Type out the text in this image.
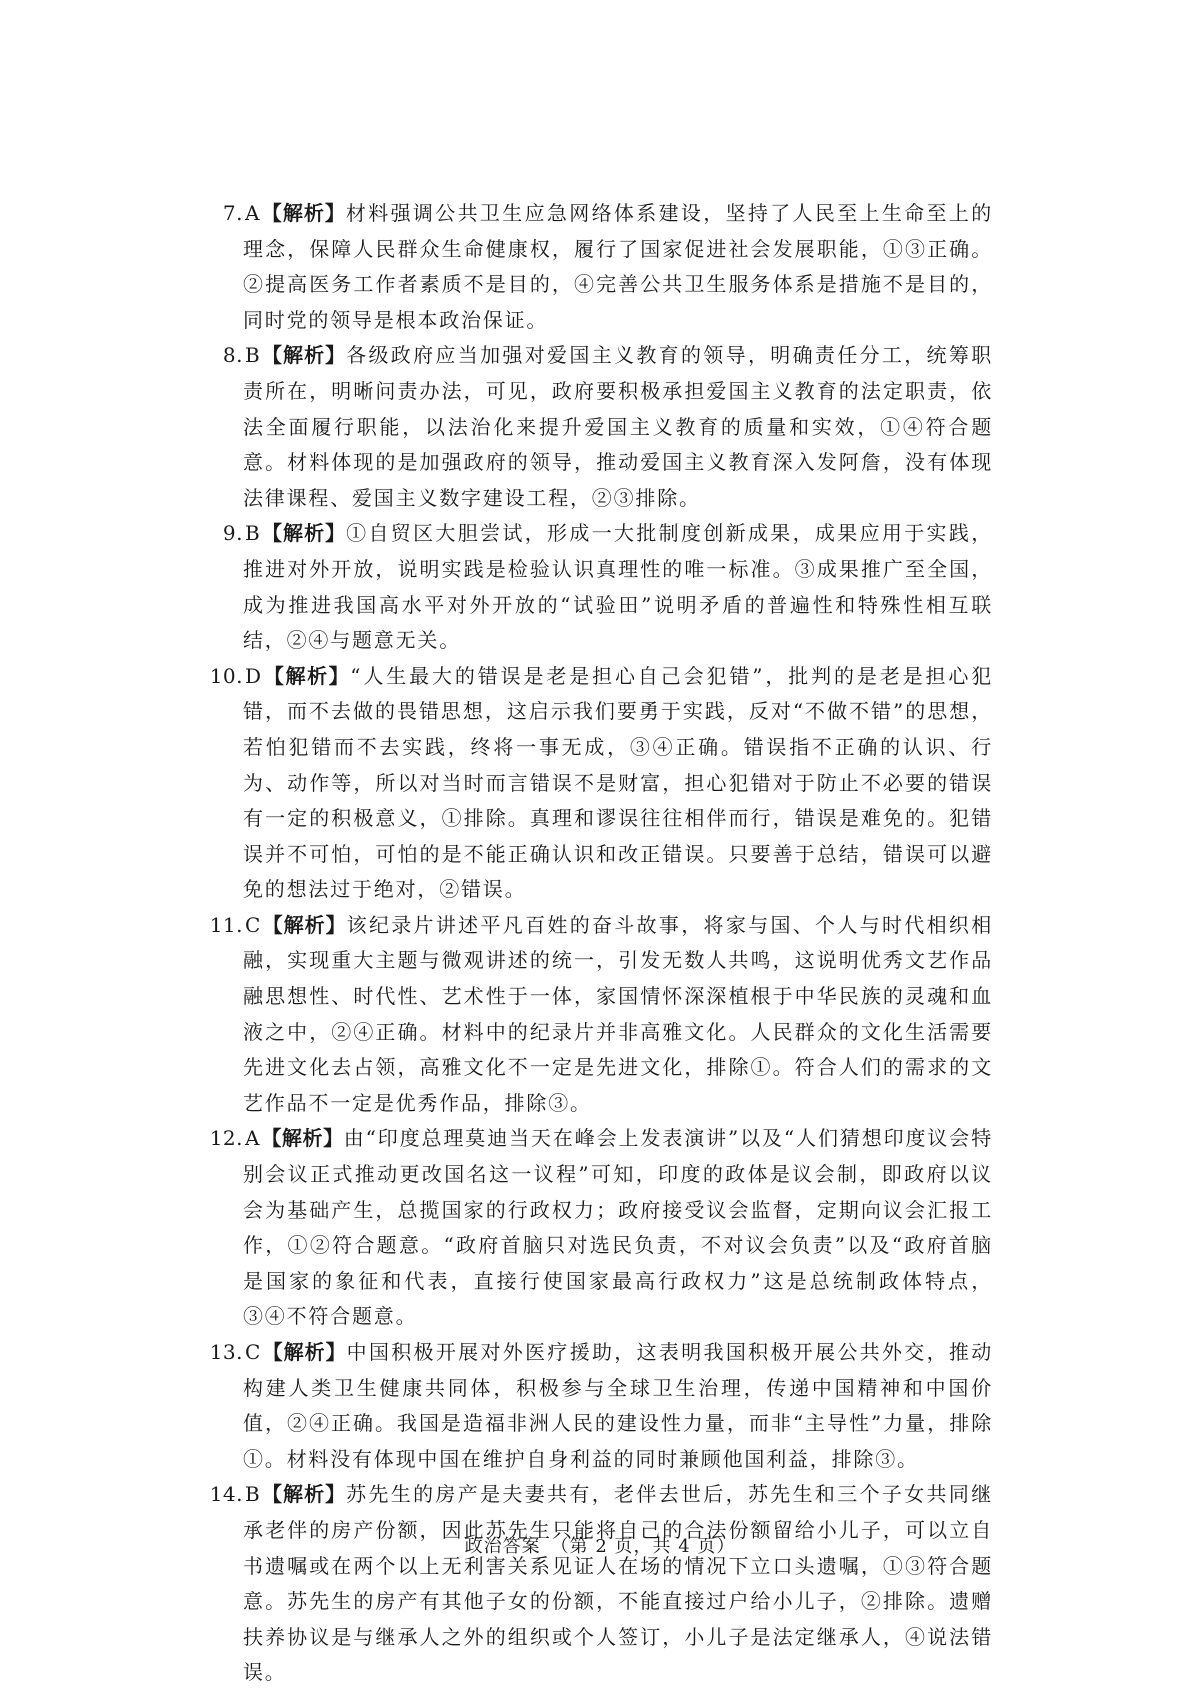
7. A【解析】材料强调公共卫生应急网络体系建设，坚持了人民至上生命至上的理念，保障人民群众生命健康权，履行了国家促进社会发展职能，①③正确。②提高医务工作者素质不是目的，④完善公共卫生服务体系是措施不是目的，同时党的领导是根本政治保证。
8. B【解析】各级政府应当加强对爱国主义教育的领导，明确责任分工，统筹职责所在，明晰问责办法，可见，政府要积极承担爱国主义教育的法定职责，依法全面履行职能，以法治化来提升爱国主义教育的质量和实效，①④符合题意。材料体现的是加强政府的领导，推动爱国主义教育深入发阿詹，没有体现法律课程、爱国主义数字建设工程，②③排除。
9. B【解析】①自贸区大胆尝试，形成一大批制度创新成果，成果应用于实践，推进对外开放，说明实践是检验认识真理性的唯一标准。③成果推广至全国，成为推进我国高水平对外开放的“试验田”说明矛盾的普遍性和特殊性相互联结，②④与题意无关。
10. D【解析】“人生最大的错误是老是担心自己会犯错”，批判的是老是担心犯错，而不去做的畏错思想，这启示我们要勇于实践，反对“不做不错”的思想，若怕犯错而不去实践，终将一事无成，③④正确。错误指不正确的认识、行为、动作等，所以对当时而言错误不是财富，担心犯错对于防止不必要的错误有一定的积极意义，①排除。真理和谬误往往相伴而行，错误是难免的。犯错误并不可怕，可怕的是不能正确认识和改正错误。只要善于总结，错误可以避免的想法过于绝对，②错误。
11. C【解析】该纪录片讲述平凡百姓的奋斗故事，将家与国、个人与时代相织相融，实现重大主题与微观讲述的统一，引发无数人共鸣，这说明优秀文艺作品融思想性、时代性、艺术性于一体，家国情怀深深植根于中华民族的灵魂和血液之中，②④正确。材料中的纪录片并非高雅文化。人民群众的文化生活需要先进文化去占领，高雅文化不一定是先进文化，排除①。符合人们的需求的文艺作品不一定是优秀作品，排除③。
12. A【解析】由“印度总理莫迪当天在峰会上发表演讲”以及“人们猜想印度议会特别会议正式推动更改国名这一议程”可知，印度的政体是议会制，即政府以议会为基础产生，总揽国家的行政权力；政府接受议会监督，定期向议会汇报工作，①②符合题意。“政府首脑只对选民负责，不对议会负责”以及“政府首脑是国家的象征和代表，直接行使国家最高行政权力”这是总统制政体特点，③④不符合题意。
13. C【解析】中国积极开展对外医疗援助，这表明我国积极开展公共外交，推动构建人类卫生健康共同体，积极参与全球卫生治理，传递中国精神和中国价值，②④正确。我国是造福非洲人民的建设性力量，而非“主导性”力量，排除①。材料没有体现中国在维护自身利益的同时兼顾他国利益，排除③。
14. B【解析】苏先生的房产是夫妻共有，老伴去世后，苏先生和三个子女共同继承老伴的房产份额，因此苏先生只能将自己的合法份额留给小儿子，可以立自书遗嘱或在两个以上无利害关系见证人在场的情况下立口头遗嘱，①③符合题意。苏先生的房产有其他子女的份额，不能直接过户给小儿子，②排除。遗赠扶养协议是与继承人之外的组织或个人签订，小儿子是法定继承人，④说法错误。
政治答案　（第 2 页，共 4 页）
